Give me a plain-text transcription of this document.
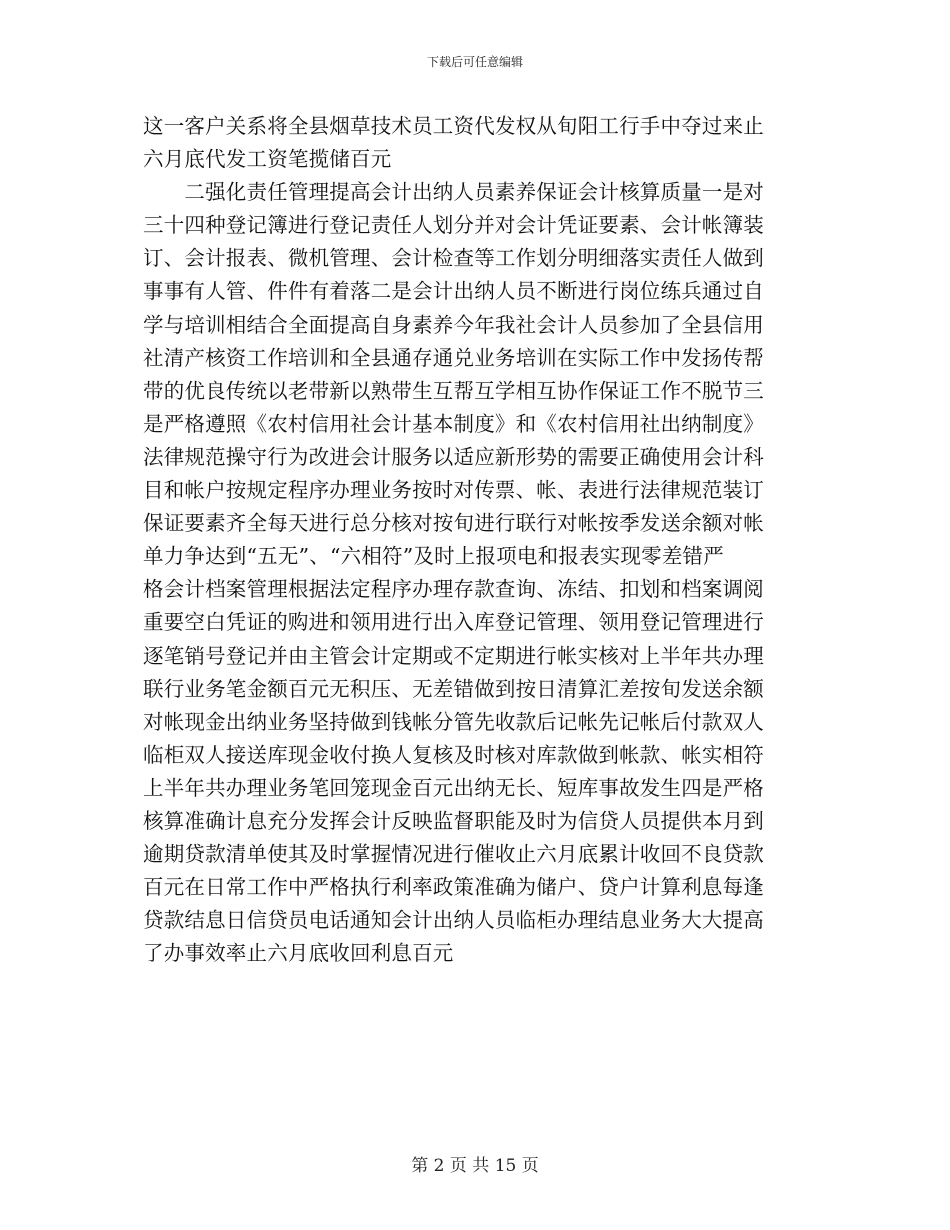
下载后可任意编辑
这一客户关系将全县烟草技术员工资代发权从旬阳工行手中夺过来止
六月底代发工资笔揽储百元
　　二强化责任管理提高会计出纳人员素养保证会计核算质量一是对
三十四种登记簿进行登记责任人划分并对会计凭证要素、会计帐簿装
订、会计报表、微机管理、会计检查等工作划分明细落实责任人做到
事事有人管、件件有着落二是会计出纳人员不断进行岗位练兵通过自
学与培训相结合全面提高自身素养今年我社会计人员参加了全县信用
社清产核资工作培训和全县通存通兑业务培训在实际工作中发扬传帮
带的优良传统以老带新以熟带生互帮互学相互协作保证工作不脱节三
是严格遵照《农村信用社会计基本制度》和《农村信用社出纳制度》
法律规范操守行为改进会计服务以适应新形势的需要正确使用会计科
目和帐户按规定程序办理业务按时对传票、帐、表进行法律规范装订
保证要素齐全每天进行总分核对按旬进行联行对帐按季发送余额对帐
单力争达到“五无”、“六相符”及时上报项电和报表实现零差错严
格会计档案管理根据法定程序办理存款查询、冻结、扣划和档案调阅
重要空白凭证的购进和领用进行出入库登记管理、领用登记管理进行
逐笔销号登记并由主管会计定期或不定期进行帐实核对上半年共办理
联行业务笔金额百元无积压、无差错做到按日清算汇差按旬发送余额
对帐现金出纳业务坚持做到钱帐分管先收款后记帐先记帐后付款双人
临柜双人接送库现金收付换人复核及时核对库款做到帐款、帐实相符
上半年共办理业务笔回笼现金百元出纳无长、短库事故发生四是严格
核算准确计息充分发挥会计反映监督职能及时为信贷人员提供本月到
逾期贷款清单使其及时掌握情况进行催收止六月底累计收回不良贷款
百元在日常工作中严格执行利率政策准确为储户、贷户计算利息每逢
贷款结息日信贷员电话通知会计出纳人员临柜办理结息业务大大提高
了办事效率止六月底收回利息百元
第 2 页 共 15 页
